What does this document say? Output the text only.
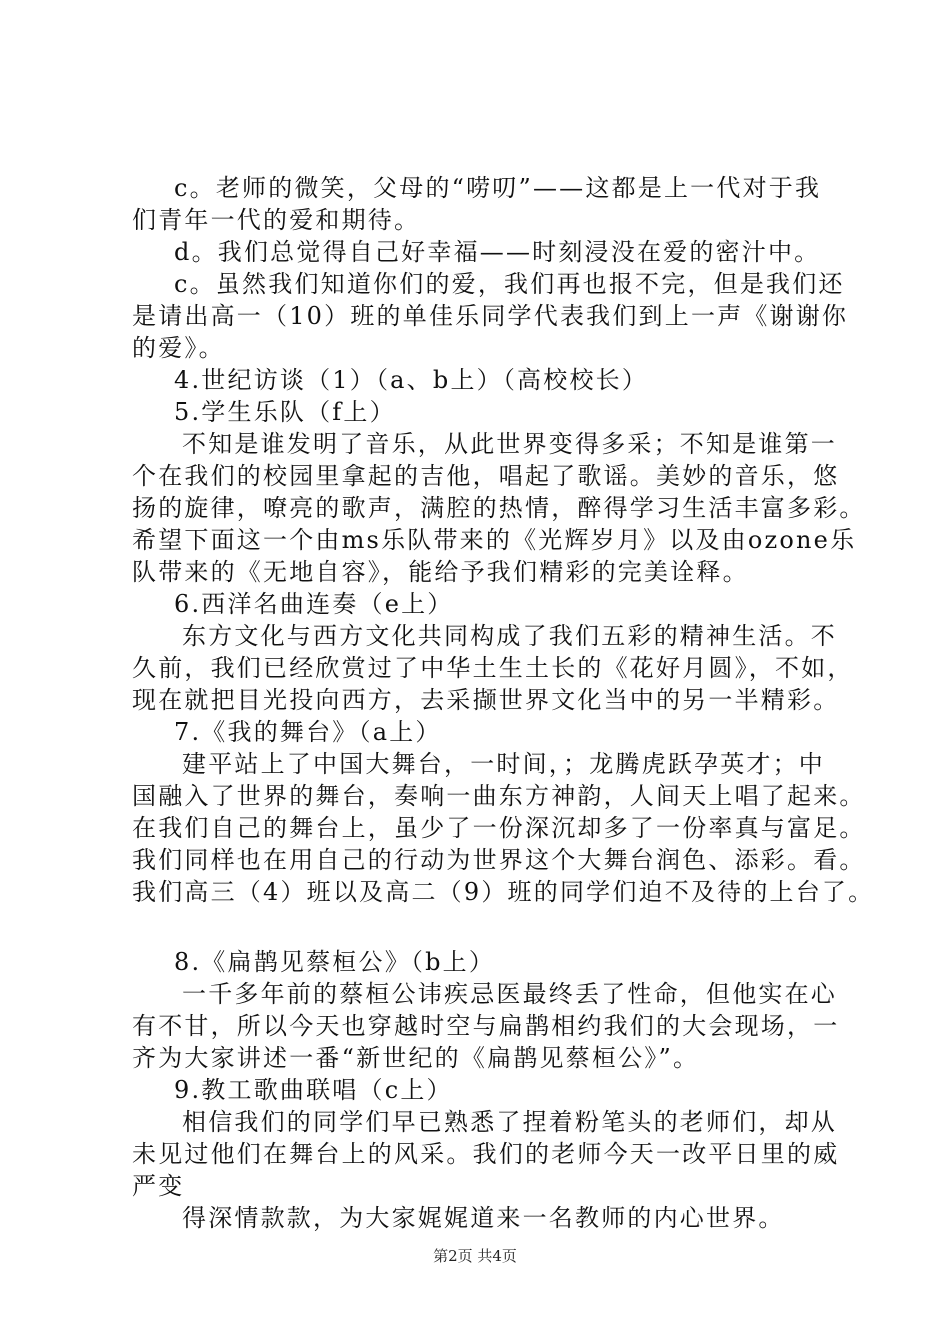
c。老师的微笑，父母的“唠叨”——这都是上一代对于我
们青年一代的爱和期待。
d。我们总觉得自己好幸福——时刻浸没在爱的密汁中。
c。虽然我们知道你们的爱，我们再也报不完，但是我们还
是请出高一（10）班的单佳乐同学代表我们到上一声《谢谢你
的爱》。
4.世纪访谈（1）（a、b上）（高校校长）
5.学生乐队（f上）
不知是谁发明了音乐，从此世界变得多采；不知是谁第一
个在我们的校园里拿起的吉他，唱起了歌谣。美妙的音乐，悠
扬的旋律，嘹亮的歌声，满腔的热情，醉得学习生活丰富多彩。
希望下面这一个由ms乐队带来的《光辉岁月》以及由ozone乐
队带来的《无地自容》，能给予我们精彩的完美诠释。
6.西洋名曲连奏（e上）
东方文化与西方文化共同构成了我们五彩的精神生活。不
久前，我们已经欣赏过了中华土生土长的《花好月圆》，不如，
现在就把目光投向西方，去采撷世界文化当中的另一半精彩。
7.《我的舞台》（a上）
建平站上了中国大舞台，一时间，；龙腾虎跃孕英才；中
国融入了世界的舞台，奏响一曲东方神韵，人间天上唱了起来。
在我们自己的舞台上，虽少了一份深沉却多了一份率真与富足。
我们同样也在用自己的行动为世界这个大舞台润色、添彩。看。
我们高三（4）班以及高二（9）班的同学们迫不及待的上台了。
8.《扁鹊见蔡桓公》（b上）
一千多年前的蔡桓公讳疾忌医最终丢了性命，但他实在心
有不甘，所以今天也穿越时空与扁鹊相约我们的大会现场，一
齐为大家讲述一番“新世纪的《扁鹊见蔡桓公》”。
9.教工歌曲联唱（c上）
相信我们的同学们早已熟悉了捏着粉笔头的老师们，却从
未见过他们在舞台上的风采。我们的老师今天一改平日里的威
严变
得深情款款，为大家娓娓道来一名教师的内心世界。
第2页 共4页
